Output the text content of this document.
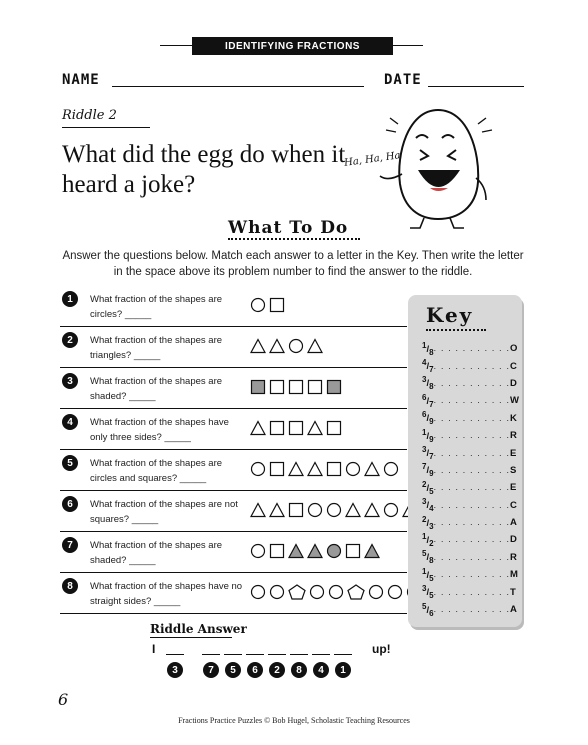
IDENTIFYING FRACTIONS
NAME	DATE
Riddle 2
What did the egg do when it heard a joke?
Ha, Ha, Ha
What To Do
Answer the questions below. Match each answer to a letter in the Key. Then write the letter in the space above its problem number to find the answer to the riddle.
1	What fraction of the shapes are circles? _____
2	What fraction of the shapes are triangles? _____
3	What fraction of the shapes are shaded? _____
4	What fraction of the shapes have only three sides? _____
5	What fraction of the shapes are circles and squares? _____
6	What fraction of the shapes are not squares? _____
7	What fraction of the shapes are shaded? _____
8	What fraction of the shapes have no straight sides? _____
Key
$^1/_8$ . . . . . . . . . . . O
$^4/_7$ . . . . . . . . . . . C
$^3/_8$ . . . . . . . . . . . D
$^6/_7$ . . . . . . . . . . . W
$^6/_9$ . . . . . . . . . . . K
$^1/_9$ . . . . . . . . . . . R
$^3/_7$ . . . . . . . . . . . E
$^7/_9$ . . . . . . . . . . . S
$^2/_5$ . . . . . . . . . . . E
$^3/_4$ . . . . . . . . . . . C
$^2/_3$ . . . . . . . . . . . A
$^1/_2$ . . . . . . . . . . . D
$^5/_8$ . . . . . . . . . . . R
$^1/_5$ . . . . . . . . . . . M
$^3/_5$ . . . . . . . . . . . T
$^5/_6$ . . . . . . . . . . . A
Riddle Answer
I	up!
3	7	5	6	2	8	4	1
6
Fractions Practice Puzzles © Bob Hugel, Scholastic Teaching Resources
